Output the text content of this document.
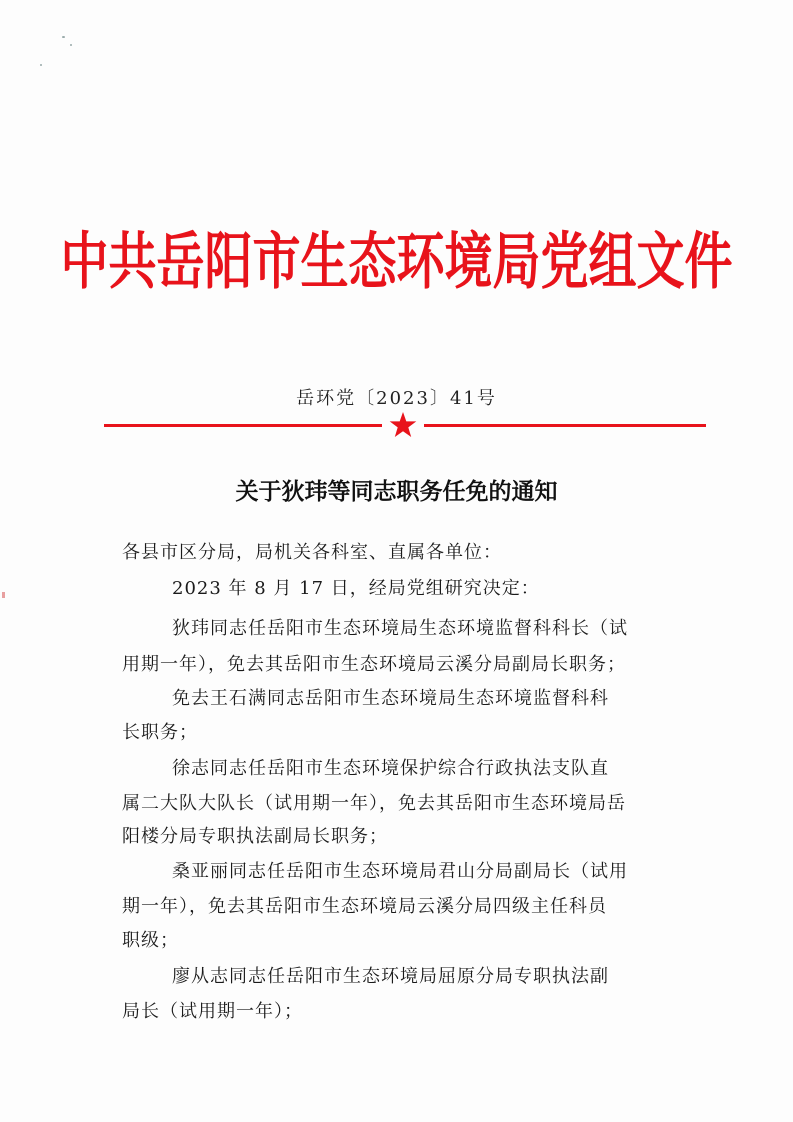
中共岳阳市生态环境局党组文件
岳环党〔2023〕41号
关于狄玮等同志职务任免的通知
各县市区分局，局机关各科室、直属各单位：
2023 年 8 月 17 日，经局党组研究决定：
狄玮同志任岳阳市生态环境局生态环境监督科科长（试
用期一年），免去其岳阳市生态环境局云溪分局副局长职务；
免去王石满同志岳阳市生态环境局生态环境监督科科
长职务；
徐志同志任岳阳市生态环境保护综合行政执法支队直
属二大队大队长（试用期一年），免去其岳阳市生态环境局岳
阳楼分局专职执法副局长职务；
桑亚丽同志任岳阳市生态环境局君山分局副局长（试用
期一年），免去其岳阳市生态环境局云溪分局四级主任科员
职级；
廖从志同志任岳阳市生态环境局屈原分局专职执法副
局长（试用期一年）；
